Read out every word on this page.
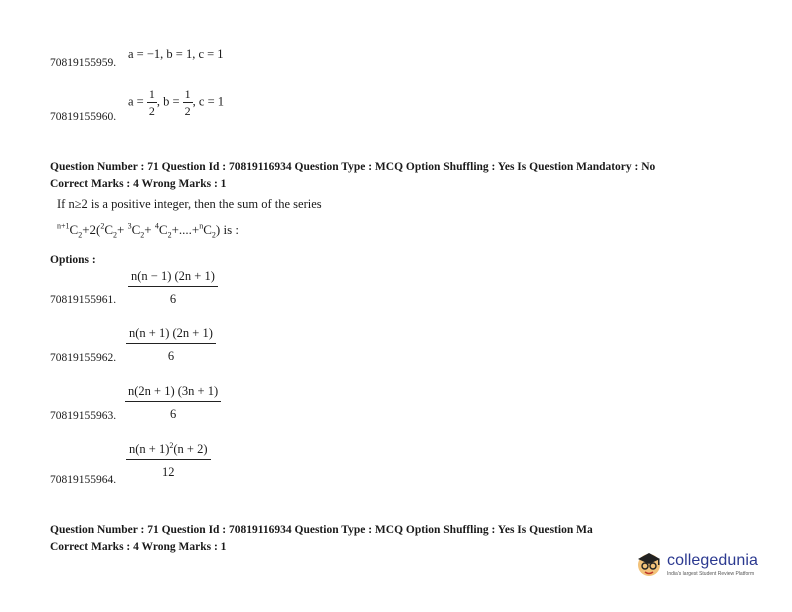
70819155959.
a = −1, b = 1, c = 1
70819155960.
$a = \frac{1}{2}$ , $b = \frac{1}{2}$ , c = 1
Question Number : 71 Question Id : 70819116934 Question Type : MCQ Option Shuffling : Yes Is Question Mandatory : No
Correct Marks : 4 Wrong Marks : 1
If n≥2 is a positive integer, then the sum of the series
$^{n+1}C_2+2(^2C_2+ ^3C_2+ ^4C_2+....+^nC_2)$ is :
Options :
$\frac{n(n - 1) (2n + 1)}{6}$
70819155961.
$\frac{n(n + 1) (2n + 1)}{6}$
70819155962.
$\frac{n(2n + 1) (3n + 1)}{6}$
70819155963.
$\frac{n(n + 1)^2(n + 2)}{12}$
70819155964.
Question Number : 71 Question Id : 70819116934 Question Type : MCQ Option Shuffling : Yes Is Question Ma
Correct Marks : 4 Wrong Marks : 1
collegedunia
India's largest Student Review Platform
